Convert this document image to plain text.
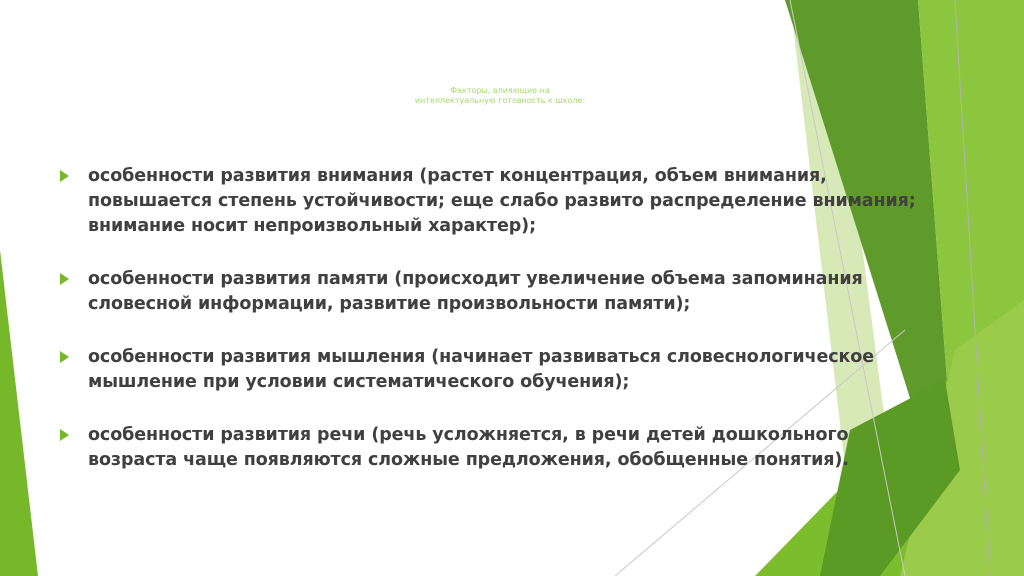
Факторы, влияющие на
интеллектуальную готовность к школе:
особенности развития внимания (растет концентрация, объем внимания, повышается степень устойчивости; еще слабо развито распределение внимания; внимание носит непроизвольный характер);
особенности развития памяти (происходит увеличение объема запоминания словесной информации, развитие произвольности памяти);
особенности развития мышления (начинает развиваться словеснологическое мышление при условии систематического обучения);
особенности развития речи (речь усложняется, в речи детей дошкольного возраста чаще появляются сложные предложения, обобщенные понятия).
